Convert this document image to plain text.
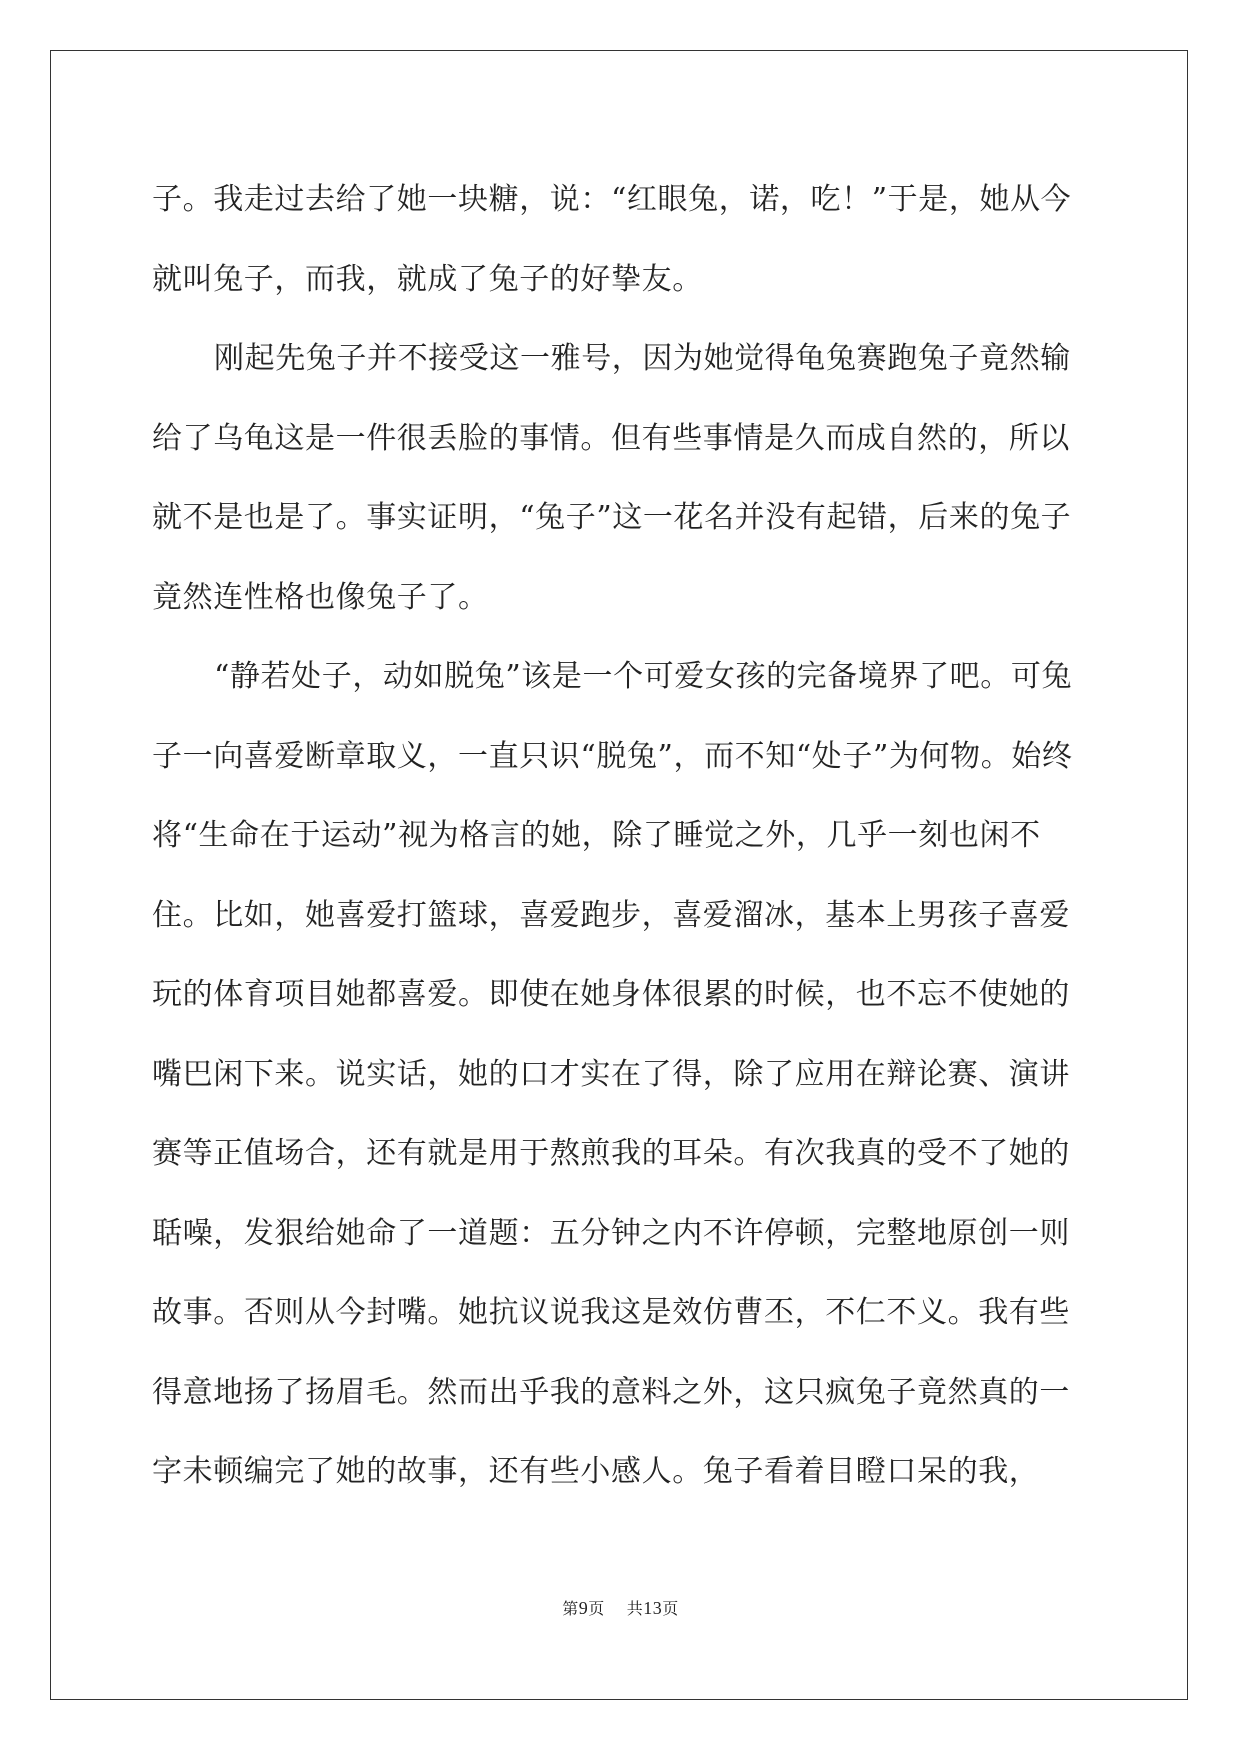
子。我走过去给了她一块糖，说：“红眼兔，诺，吃！”于是，她从今就叫兔子，而我，就成了兔子的好挚友。

刚起先兔子并不接受这一雅号，因为她觉得龟兔赛跑兔子竟然输给了乌龟这是一件很丢脸的事情。但有些事情是久而成自然的，所以就不是也是了。事实证明，“兔子”这一花名并没有起错，后来的兔子竟然连性格也像兔子了。

“静若处子，动如脱兔”该是一个可爱女孩的完备境界了吧。可兔子一向喜爱断章取义，一直只识“脱兔”，而不知“处子”为何物。始终将“生命在于运动”视为格言的她，除了睡觉之外，几乎一刻也闲不住。比如，她喜爱打篮球，喜爱跑步，喜爱溜冰，基本上男孩子喜爱玩的体育项目她都喜爱。即使在她身体很累的时候，也不忘不使她的嘴巴闲下来。说实话，她的口才实在了得，除了应用在辩论赛、演讲赛等正值场合，还有就是用于熬煎我的耳朵。有次我真的受不了她的聒噪，发狠给她命了一道题：五分钟之内不许停顿，完整地原创一则故事。否则从今封嘴。她抗议说我这是效仿曹丕，不仁不义。我有些得意地扬了扬眉毛。然而出乎我的意料之外，这只疯兔子竟然真的一字未顿编完了她的故事，还有些小感人。兔子看着目瞪口呆的我，

第9页 共13页
